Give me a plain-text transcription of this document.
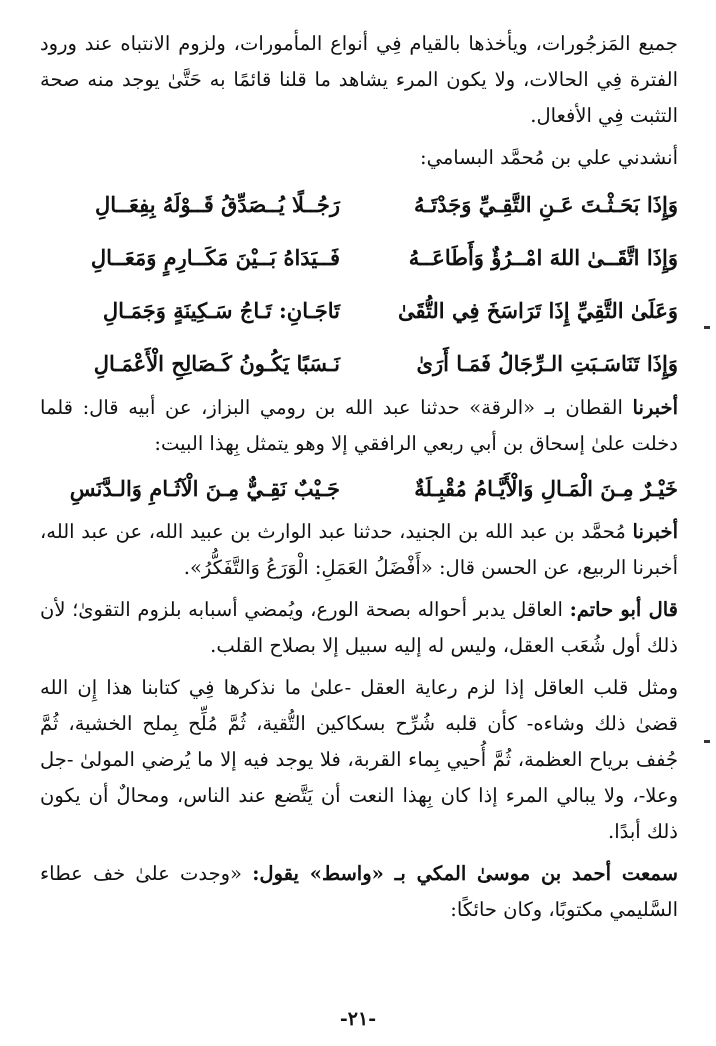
جميع المَزجُورات، ويأخذها بالقيام فِي أنواع المأمورات، ولزوم الانتباه عند ورود الفترة فِي الحالات، ولا يكون المرء يشاهد ما قلنا قائمًا به حَتَّىٰ يوجد منه صحة التثبت فِي الأفعال.

أنشدني علي بن مُحمَّد البسامي:

وَإِذَا بَحَـثْـتَ عَـنِ التَّقِـيِّ وَجَدْتَـهُ
رَجُــلًا يُــصَدِّقُ قَــوْلَهُ بِفِعَــالِ
وَإِذَا اتَّقَــىٰ اللهَ امْــرُؤٌ وَأَطَاعَــهُ
فَــيَدَاهُ بَــيْنَ مَكَــارِمٍ وَمَعَــالِ
وَعَلَىٰ التَّقِيِّ إِذَا تَرَاسَخَ فِي التُّقَىٰ
تَاجَـانِ: تَـاجُ سَـكِينَةٍ وَجَمَـالِ
وَإِذَا تَنَاسَـبَتِ الـرِّجَالُ فَمَـا أَرَىٰ
نَـسَبًا يَكُـونُ كَـصَالِحِ الْأَعْمَـالِ

أخبرنا القطان بـ «الرقة» حدثنا عبد الله بن رومي البزاز، عن أبيه قال: قلما دخلت علىٰ إسحاق بن أبي ربعي الرافقي إلا وهو يتمثل بِهذا البيت:

خَيْـرٌ مِـنَ الْمَـالِ وَالْأَيَّـامُ مُقْبِـلَةٌ
جَـيْبٌ نَقِـيٌّ مِـنَ الْآثَـامِ وَالـدَّنَسِ

أخبرنا مُحمَّد بن عبد الله بن الجنيد، حدثنا عبد الوارث بن عبيد الله، عن عبد الله، أخبرنا الربيع، عن الحسن قال: «أَفْضَلُ العَمَلِ: الْوَرَعُ وَالتَّفَكُّرُ».

قال أبو حاتم: العاقل يدبر أحواله بصحة الورع، ويُمضي أسبابه بلزوم التقوىٰ؛ لأن ذلك أول شُعَب العقل، وليس له إليه سبيل إلا بصلاح القلب.

ومثل قلب العاقل إذا لزم رعاية العقل -علىٰ ما نذكرها فِي كتابنا هذا إِن الله قضىٰ ذلك وشاءه- كأن قلبه شُرِّح بسكاكين التُّقية، ثُمَّ مُلِّح بِملح الخشية، ثُمَّ جُفف برياح العظمة، ثُمَّ أُحيي بِماء القربة، فلا يوجد فيه إلا ما يُرضي المولىٰ -جل وعلا-، ولا يبالي المرء إذا كان بِهذا النعت أن يَتَّضع عند الناس، ومحالٌ أن يكون ذلك أبدًا.

سمعت أحمد بن موسىٰ المكي بـ «واسط» يقول: «وجدت علىٰ خف عطاء السَّليمي مكتوبًا، وكان حائكًا:

-٢١-
